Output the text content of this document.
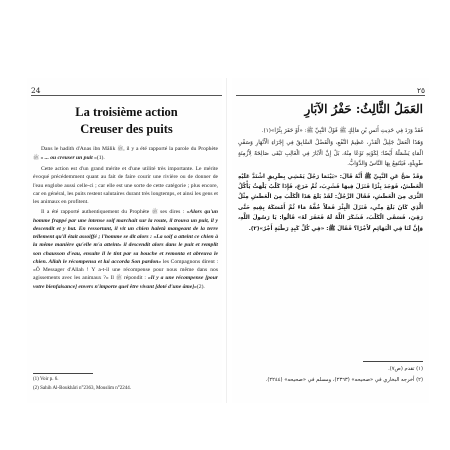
24
La troisième action
Creuser des puits

Dans le hadith d'Anas ibn Mâlik ﷺ, il y a été rapporté la parole du Prophète ﷺ « ... ou creuser un puit »(1).

Cette action est d'un grand mérite et d'une utilité très importante. Le mérite évoqué précédemment quant au fait de faire courir une rivière ou de donner de l'eau englobe aussi celle-ci ; car elle est une sorte de cette catégorie ; plus encore, car en général, les puits restent salutaires durant très longtemps, et ainsi les gens et les animaux en profitent.

Il a été rapporté authentiquement du Prophète ﷺ ses dires : «Alors qu'un homme frappé par une intense soif marchait sur la route, il trouva un puit, il y descendit et y but. En ressortant, il vit un chien haletâ mangeant de la terre tellement qu'il était assoiffé ; l'homme se dit alors : «La soif a atteint ce chien à la même manière qu'elle m'a atteint» il descendit alors dans le puit et remplit son chausson d'eau, ensuite il le tint par sa bouche et remonta et abreuva le chien. Allah le récompensa et lui accorda Son pardon» les Compagnons dirent : «Ô Messager d'Allah ! Y a-t-il une récompense pour nous même dans nos agissements avec les animaux ?» Il ﷺ répondit : «Il y a une récompense [pour votre bienfaisance] envers n'importe quel être vivant [doté d'une âme]»(2).

(1) Voir p. 6.
(2) Sahih Al-Boukhâri n°2363, Mouslim n°2244.
٢٥
العَمَلُ الثَّالِثُ: حَفْرُ الآبَارِ

فَقَدْ وَرَدَ فِي حَدِيثِ أَنَسِ بْنِ مَالِكٍ ﷺ قَوْلُ النَّبِيِّ ﷺ: «أَوْ حَفَرَ بِئْرًا»(١).

وَهَذَا الْعَمَلُ جَلِيلُ الْقَدْرِ، عَظِيمُ النَّفْعِ، وَالْفَضْلُ السَّابِقُ فِي إِجْرَاءِ الْأَنْهَارِ وَسَقْيِ الْمَاءِ يَشْمَلُهُ أَيْضًا؛ لِكَوْنِهِ نَوْعًا مِنْهُ، بَلْ إِنَّ الْآبَارَ فِي الْغَالِبِ تَبْقَى صَالِحَةً لِأَزْمِنَةٍ طَوِيلَةٍ، فَيَنْتَفِعُ بِهَا النَّاسُ وَالدَّوَابُّ.

وَقَدْ صَحَّ عَنِ النَّبِيِّ ﷺ أَنَّهُ قَالَ: «بَيْنَمَا رَجُلٌ يَمْشِي بِطَرِيقٍ اشْتَدَّ عَلَيْهِ الْعَطَشُ، فَوَجَدَ بِئْرًا فَنَزَلَ فِيهَا فَشَرِبَ، ثُمَّ خَرَجَ، فَإِذَا كَلْبٌ يَلْهَثُ يَأْكُلُ الثَّرَى مِنَ الْعَطَشِ، فَقَالَ الرَّجُلُ: لَقَدْ بَلَغَ هَذَا الْكَلْبَ مِنَ الْعَطَشِ مِثْلُ الَّذِي كَانَ بَلَغَ مِنِّي، فَنَزَلَ الْبِئْرَ فَمَلَأَ خُفَّهُ مَاءً ثُمَّ أَمْسَكَهُ بِفِيهِ حَتَّى رَقِيَ، فَسَقَى الْكَلْبَ، فَشَكَرَ اللَّهُ لَهُ فَغَفَرَ لَهُ» قَالُوا: يَا رَسُولَ اللَّهِ، وَإِنَّ لَنَا فِي الْبَهَائِمِ لَأَجْرًا؟ فَقَالَ ﷺ: «فِي كُلِّ كَبِدٍ رَطْبَةٍ أَجْرٌ»(٢).

(١) تقدم (ص٧).
(٢) أخرجه البخاري في «صحيحه» (٢٣٦٣)، ومسلم في «صحيحه» (٢٢٤٤).
